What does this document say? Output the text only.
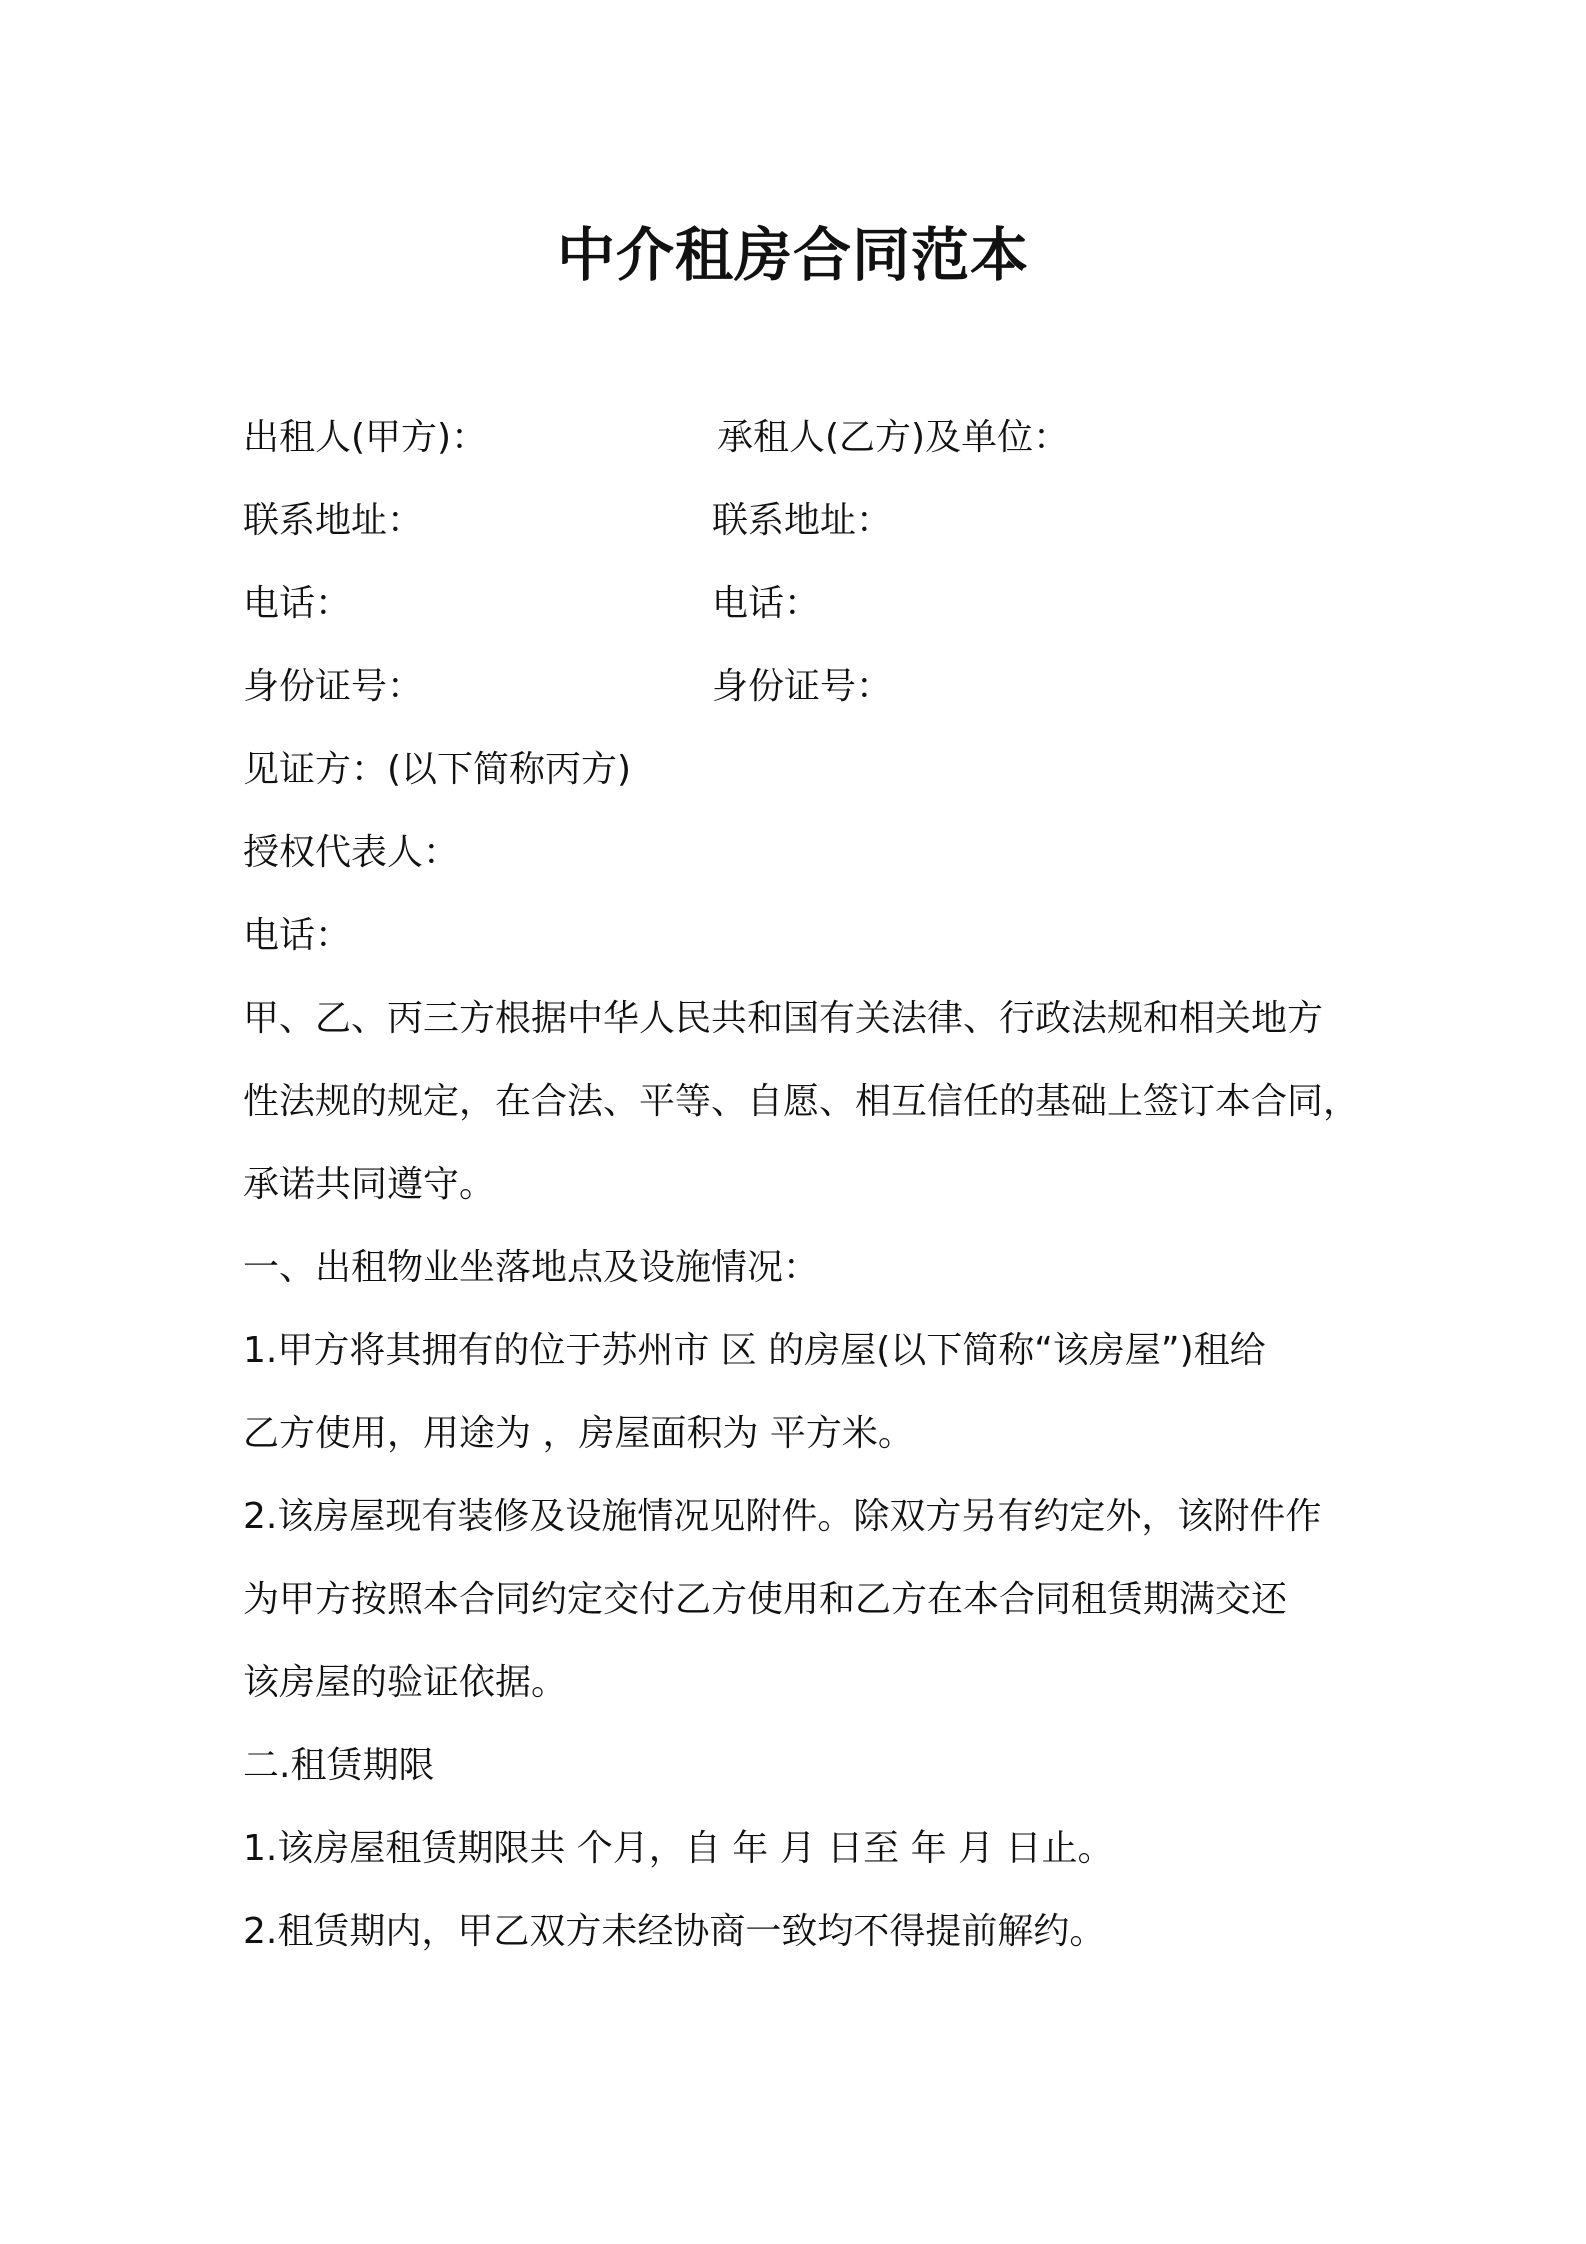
中介租房合同范本
出租人(甲方)：	承租人(乙方)及单位：
联系地址：	联系地址：
电话：	电话：
身份证号：	身份证号：
见证方：(以下简称丙方)
授权代表人：
电话：
甲、乙、丙三方根据中华人民共和国有关法律、行政法规和相关地方
性法规的规定，在合法、平等、自愿、相互信任的基础上签订本合同，
承诺共同遵守。
一、出租物业坐落地点及设施情况：
1.甲方将其拥有的位于苏州市 区 的房屋(以下简称“该房屋”)租给
乙方使用，用途为 ，房屋面积为 平方米。
2.该房屋现有装修及设施情况见附件。除双方另有约定外，该附件作
为甲方按照本合同约定交付乙方使用和乙方在本合同租赁期满交还
该房屋的验证依据。
二.租赁期限
1.该房屋租赁期限共 个月，自 年 月 日至 年 月 日止。
2.租赁期内，甲乙双方未经协商一致均不得提前解约。
